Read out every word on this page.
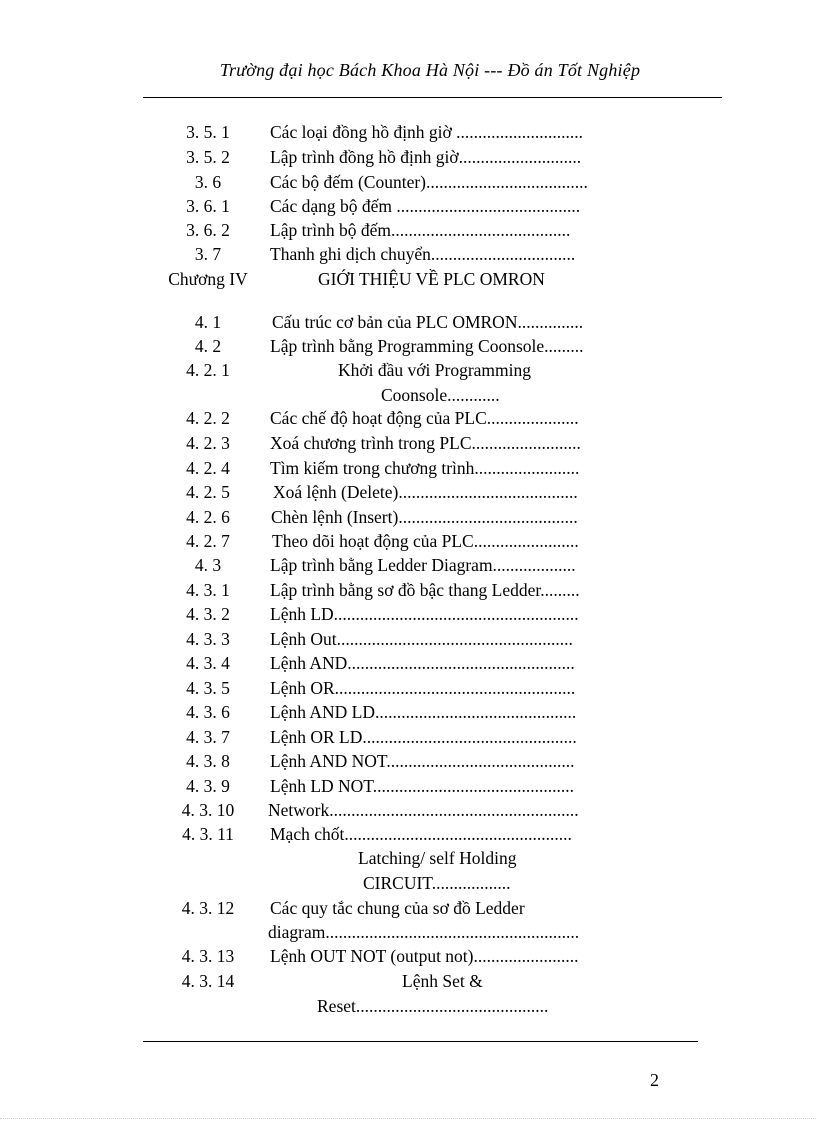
Trường đại học Bách Khoa Hà Nội --- Đồ án Tốt Nghiệp
3. 5. 1	Các loại đồng hồ định giờ .............................
3. 5. 2	Lập trình đồng hồ định giờ............................
3. 6	Các bộ đếm (Counter).....................................
3. 6. 1	Các dạng bộ đếm ..........................................
3. 6. 2	Lập trình bộ đếm.........................................
3. 7	Thanh ghi dịch chuyển.................................
Chương IV	GIỚI THIỆU VỀ PLC OMRON
4. 1	Cấu trúc cơ bản của PLC OMRON...............
4. 2	Lập trình bằng Programming Coonsole.........
4. 2. 1	Khởi đầu với Programming
Coonsole............
4. 2. 2	Các chế độ hoạt động của PLC.....................
4. 2. 3	Xoá chương trình trong PLC.........................
4. 2. 4	Tìm kiếm trong chương trình........................
4. 2. 5	Xoá lệnh (Delete).........................................
4. 2. 6	Chèn lệnh (Insert).........................................
4. 2. 7	Theo dõi hoạt động của PLC........................
4. 3	Lập trình bằng Ledder Diagram...................
4. 3. 1	Lập trình bằng sơ đồ bậc thang Ledder.........
4. 3. 2	Lệnh LD........................................................
4. 3. 3	Lệnh Out......................................................
4. 3. 4	Lệnh AND....................................................
4. 3. 5	Lệnh OR.......................................................
4. 3. 6	Lệnh AND LD..............................................
4. 3. 7	Lệnh OR LD.................................................
4. 3. 8	Lệnh AND NOT...........................................
4. 3. 9	Lệnh LD NOT..............................................
4. 3. 10	Network.........................................................
4. 3. 11	Mạch chốt....................................................
Latching/ self Holding
CIRCUIT..................
4. 3. 12	Các quy tắc chung của sơ đồ Ledder
diagram..........................................................
4. 3. 13	Lệnh OUT NOT (output not)........................
4. 3. 14	Lệnh Set &
Reset............................................
2
